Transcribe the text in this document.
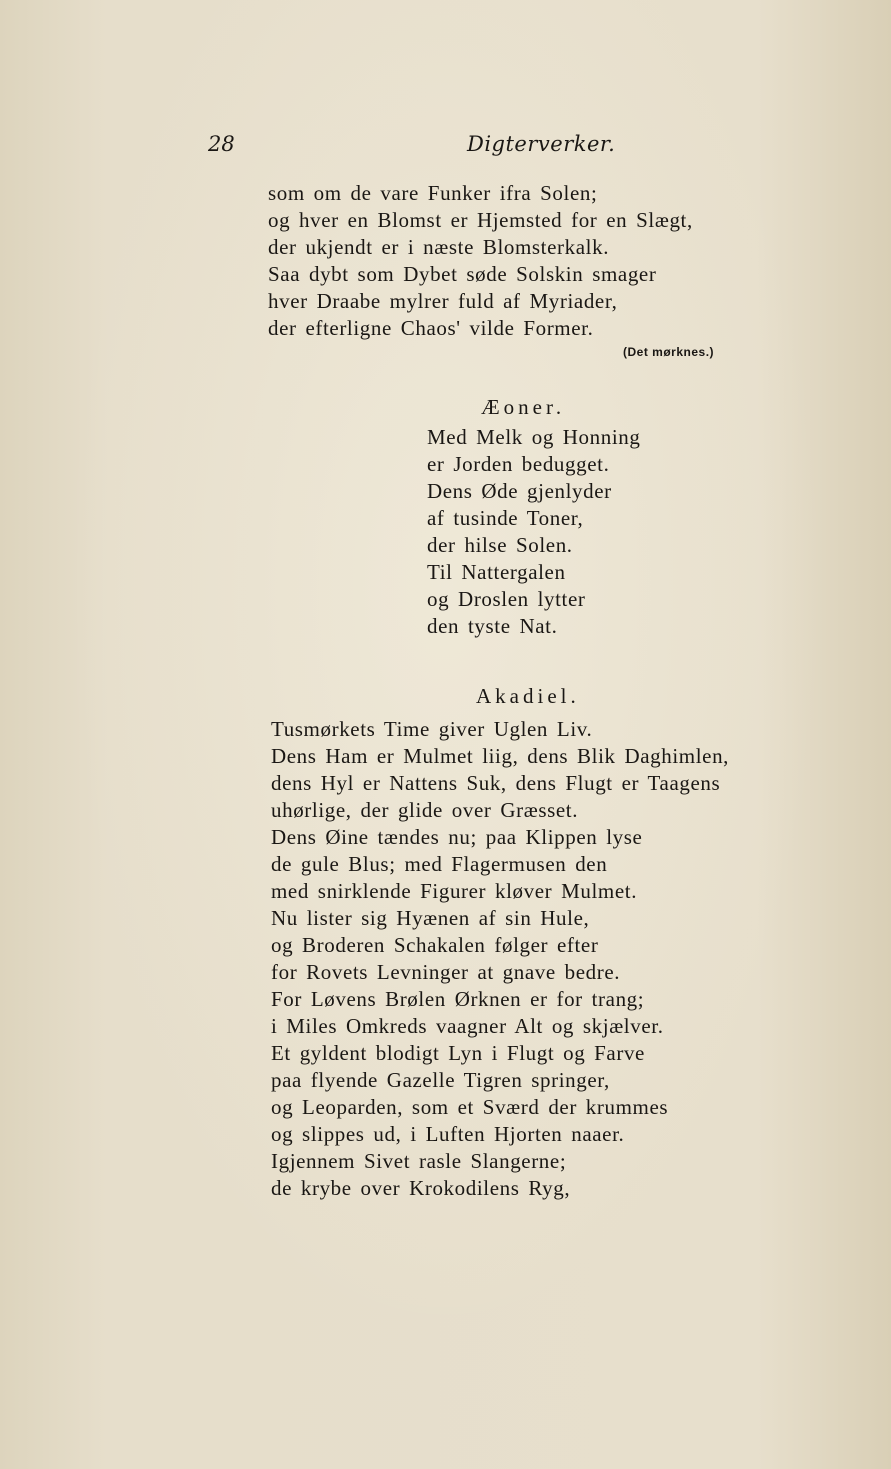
28	Digterverker.
som om de vare Funker ifra Solen;
og hver en Blomst er Hjemsted for en Slægt,
der ukjendt er i næste Blomsterkalk.
Saa dybt som Dybet søde Solskin smager
hver Draabe mylrer fuld af Myriader,
der efterligne Chaos' vilde Former.
(Det mørknes.)
Æoner.
Med Melk og Honning
er Jorden bedugget.
Dens Øde gjenlyder
af tusinde Toner,
der hilse Solen.
Til Nattergalen
og Droslen lytter
den tyste Nat.
Akadiel.
Tusmørkets Time giver Uglen Liv.
Dens Ham er Mulmet liig, dens Blik Daghimlen,
dens Hyl er Nattens Suk, dens Flugt er Taagens
uhørlige, der glide over Græsset.
Dens Øine tændes nu; paa Klippen lyse
de gule Blus; med Flagermusen den
med snirklende Figurer kløver Mulmet.
Nu lister sig Hyænen af sin Hule,
og Broderen Schakalen følger efter
for Rovets Levninger at gnave bedre.
For Løvens Brølen Ørknen er for trang;
i Miles Omkreds vaagner Alt og skjælver.
Et gyldent blodigt Lyn i Flugt og Farve
paa flyende Gazelle Tigren springer,
og Leoparden, som et Sværd der krummes
og slippes ud, i Luften Hjorten naaer.
Igjennem Sivet rasle Slangerne;
de krybe over Krokodilens Ryg,
